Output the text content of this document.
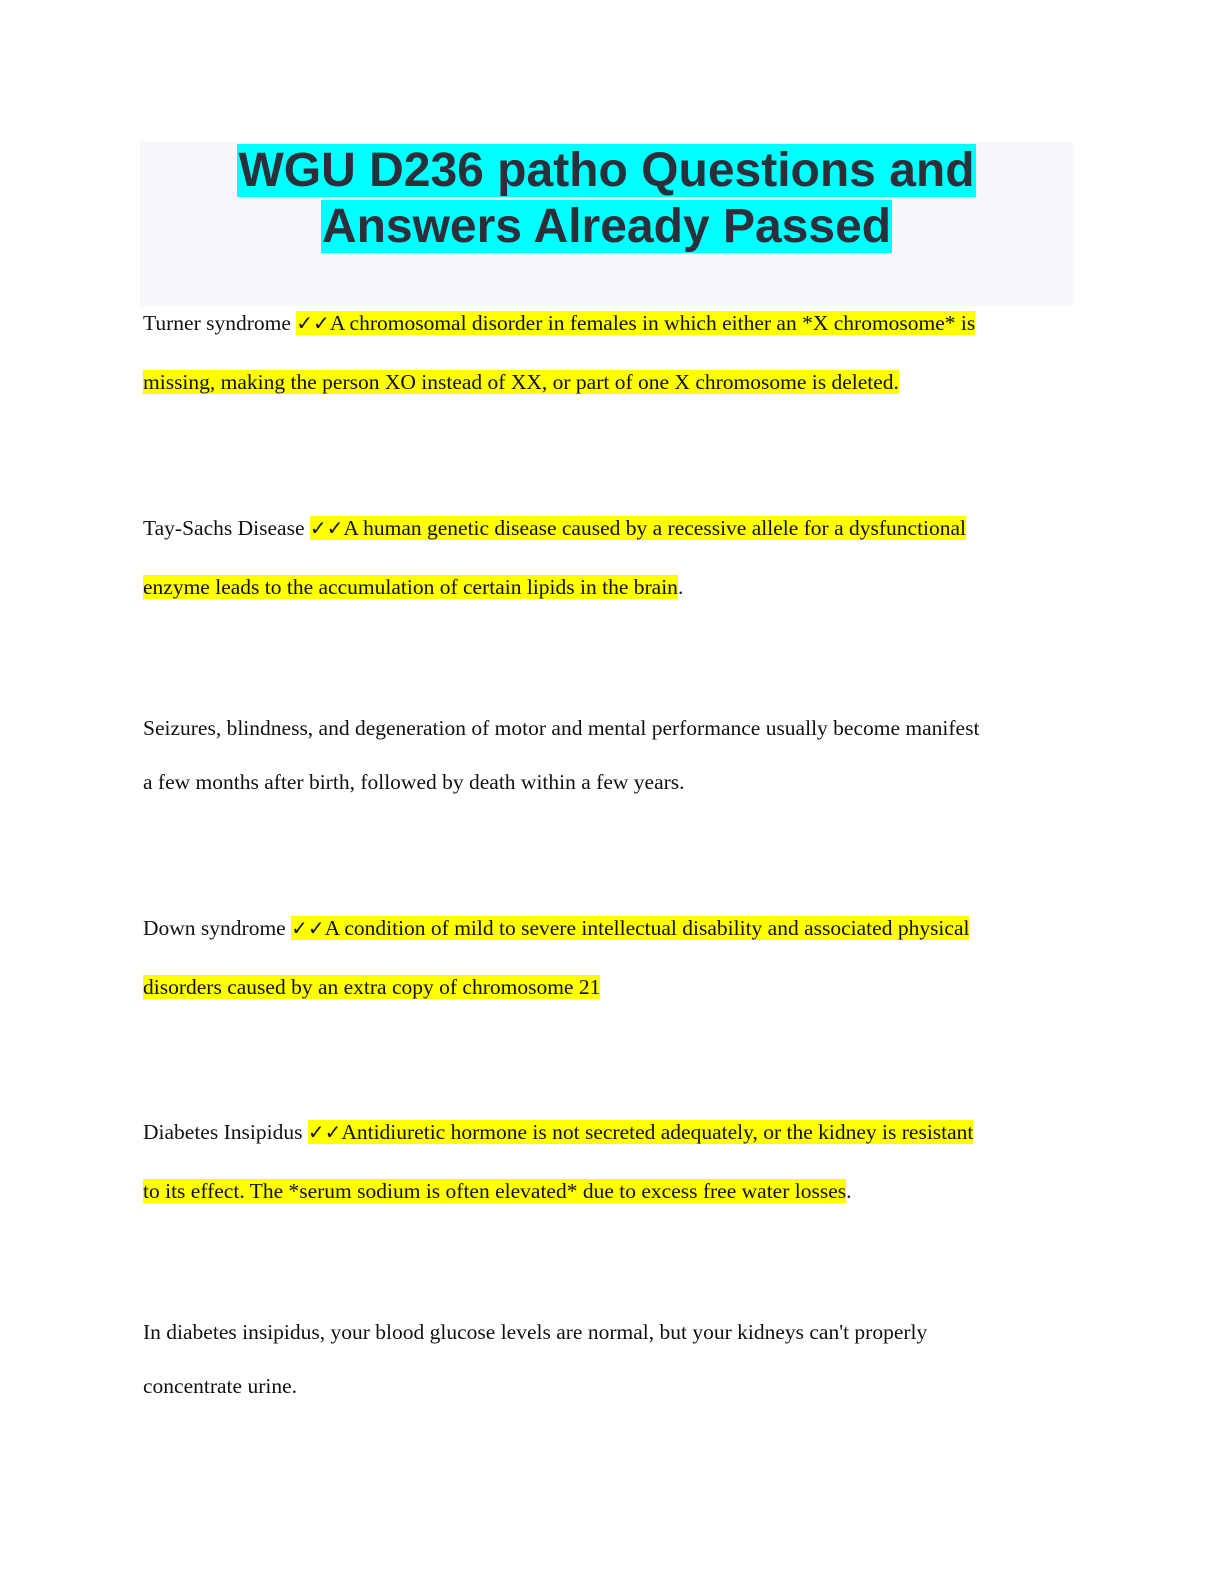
WGU D236 patho Questions and
Answers Already Passed
Turner syndrome ✓✓A chromosomal disorder in females in which either an *X chromosome* is
missing, making the person XO instead of XX, or part of one X chromosome is deleted.
Tay-Sachs Disease ✓✓A human genetic disease caused by a recessive allele for a dysfunctional
enzyme leads to the accumulation of certain lipids in the brain.
Seizures, blindness, and degeneration of motor and mental performance usually become manifest
a few months after birth, followed by death within a few years.
Down syndrome ✓✓A condition of mild to severe intellectual disability and associated physical
disorders caused by an extra copy of chromosome 21
Diabetes Insipidus ✓✓Antidiuretic hormone is not secreted adequately, or the kidney is resistant
to its effect. The *serum sodium is often elevated* due to excess free water losses.
In diabetes insipidus, your blood glucose levels are normal, but your kidneys can't properly
concentrate urine.
